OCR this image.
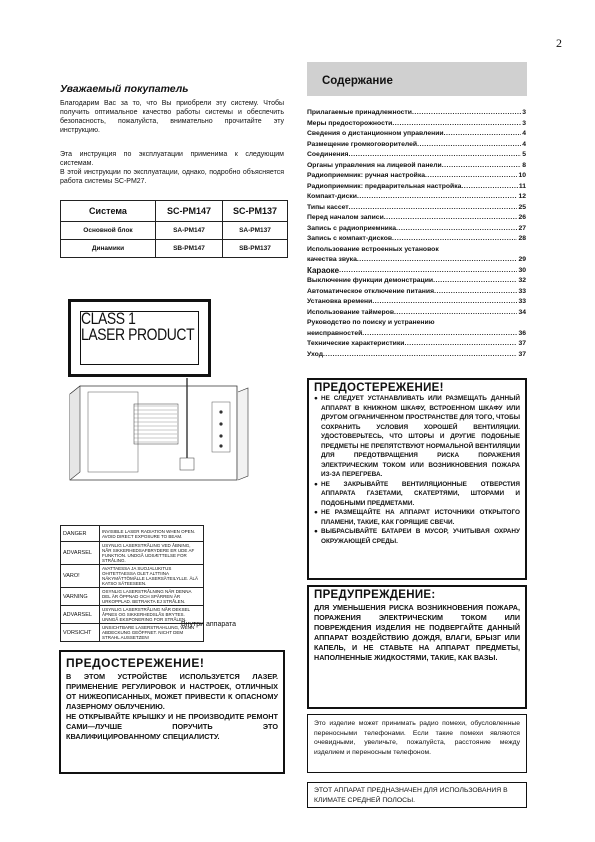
2
Уважаемый покупатель
Благодарим Вас за то, что Вы приобрели эту систему. Чтобы получить оптимальное качество работы системы и обеспечить безопасность, пожалуйста, внимательно прочитайте эту инструкцию.
Эта инструкция по эксплуатации применима к следующим системам.
В этой инструкции по эксплуатации, однако, подробно объясняется работа системы SC-PM27.
Система	SC-PM147	SC-PM137
Основной блок	SA-PM147	SA-PM137
Динамики	SB-PM147	SB-PM137
CLASS 1
LASER PRODUCT
DANGER	INVISIBLE LASER RADIATION WHEN OPEN. AVOID DIRECT EXPOSURE TO BEAM.
ADVARSEL	USYNLIG LASERSTRÅLING VED ÅBNING, NÅR SIKKERHEDSAFBRYDERE ER UDE AF FUNKTION. UNDGÅ UDSÆTTELSE FOR STRÅLING.
VARO!	AVATTAESSA JA SUOJALUKITUS OHITETTAESSA OLET ALTTIINA NÄKYMÄTTÖMÄLLE LASERSÄTEILYLLE. ÄLÄ KATSO SÄTEESEEN.
VARNING	OSYNLIG LASERSTRÅLNING NÄR DENNA DEL ÄR ÖPPNAD OCH SPÄRREN ÄR URKOPPLAD. BETRAKTA EJ STRÅLEN.
ADVARSEL	USYNLIG LASERSTRÅLING NÅR DEKSEL ÅPNES OG SIKKERHEDSLÅS BRYTES. UNNGÅ EKSPONERING FOR STRÅLEN.
VORSICHT	UNSICHTBARE LASERSTRAHLUNG, WENN ABDECKUNG GEÖFFNET. NICHT DEM STRAHL AUSSETZEN!
Внутри аппарата
ПРЕДОСТЕРЕЖЕНИЕ!
В ЭТОМ УСТРОЙСТВЕ ИСПОЛЬЗУЕТСЯ ЛАЗЕР. ПРИМЕНЕНИЕ РЕГУЛИРОВОК И НАСТРОЕК, ОТЛИЧНЫХ ОТ НИЖЕОПИСАННЫХ, МОЖЕТ ПРИВЕСТИ К ОПАСНОМУ ЛАЗЕРНОМУ ОБЛУЧЕНИЮ.
НЕ ОТКРЫВАЙТЕ КРЫШКУ И НЕ ПРОИЗВОДИТЕ РЕМОНТ САМИ—ЛУЧШЕ ПОРУЧИТЬ ЭТО КВАЛИФИЦИРОВАННОМУ СПЕЦИАЛИСТУ.
Содержание
Прилагаемые принадлежности .....	3
Меры предосторожности .....	3
Сведения о дистанционном управлении .....	4
Размещение громкоговорителей .....	4
Соединения .....	5
Органы управления на лицевой панели .....	8
Радиоприемник: ручная настройка .....	10
Радиоприемник: предварительная настройка .....	11
Компакт-диски .....	12
Типы кассет .....	25
Перед началом записи .....	26
Запись с радиоприемника .....	27
Запись с компакт-дисков .....	28
Использование встроенных установок
качества звука .....	29
Караоке .....	30
Выключение функции демонстрации .....	32
Автоматическое отключение питания .....	33
Установка времени .....	33
Использование таймеров .....	34
Руководство по поиску и устранению
неисправностей .....	36
Технические характеристики .....	37
Уход .....	37
ПРЕДОСТЕРЕЖЕНИЕ!
● НЕ СЛЕДУЕТ УСТАНАВЛИВАТЬ ИЛИ РАЗМЕЩАТЬ ДАННЫЙ АППАРАТ В КНИЖНОМ ШКАФУ, ВСТРОЕННОМ ШКАФУ ИЛИ ДРУГОМ ОГРАНИЧЕННОМ ПРОСТРАНСТВЕ ДЛЯ ТОГО, ЧТОБЫ СОХРАНИТЬ УСЛОВИЯ ХОРОШЕЙ ВЕНТИЛЯЦИИ. УДОСТОВЕРЬТЕСЬ, ЧТО ШТОРЫ И ДРУГИЕ ПОДОБНЫЕ ПРЕДМЕТЫ НЕ ПРЕПЯТСТВУЮТ НОРМАЛЬНОЙ ВЕНТИЛЯЦИИ ДЛЯ ПРЕДОТВРАЩЕНИЯ РИСКА ПОРАЖЕНИЯ ЭЛЕКТРИЧЕСКИМ ТОКОМ ИЛИ ВОЗНИКНОВЕНИЯ ПОЖАРА ИЗ-ЗА ПЕРЕГРЕВА.
● НЕ ЗАКРЫВАЙТЕ ВЕНТИЛЯЦИОННЫЕ ОТВЕРСТИЯ АППАРАТА ГАЗЕТАМИ, СКАТЕРТЯМИ, ШТОРАМИ И ПОДОБНЫМИ ПРЕДМЕТАМИ.
● НЕ РАЗМЕЩАЙТЕ НА АППАРАТ ИСТОЧНИКИ ОТКРЫТОГО ПЛАМЕНИ, ТАКИЕ, КАК ГОРЯЩИЕ СВЕЧИ.
● ВЫБРАСЫВАЙТЕ БАТАРЕИ В МУСОР, УЧИТЫВАЯ ОХРАНУ ОКРУЖАЮЩЕЙ СРЕДЫ.
ПРЕДУПРЕЖДЕНИЕ:
ДЛЯ УМЕНЬШЕНИЯ РИСКА ВОЗНИКНОВЕНИЯ ПОЖАРА, ПОРАЖЕНИЯ ЭЛЕКТРИЧЕСКИМ ТОКОМ ИЛИ ПОВРЕЖДЕНИЯ ИЗДЕЛИЯ НЕ ПОДВЕРГАЙТЕ ДАННЫЙ АППАРАТ ВОЗДЕЙСТВИЮ ДОЖДЯ, ВЛАГИ, БРЫЗГ ИЛИ КАПЕЛЬ, И НЕ СТАВЬТЕ НА АППАРАТ ПРЕДМЕТЫ, НАПОЛНЕННЫЕ ЖИДКОСТЯМИ, ТАКИЕ, КАК ВАЗЫ.
Это изделие может принимать радио помехи, обусловленные переносными телефонами. Если такие помехи являются очевидными, увеличьте, пожалуйста, расстояние между изделием и переносным телефоном.
ЭТОТ АППАРАТ ПРЕДНАЗНАЧЕН ДЛЯ ИСПОЛЬЗОВАНИЯ В КЛИМАТЕ СРЕДНЕЙ ПОЛОСЫ.
